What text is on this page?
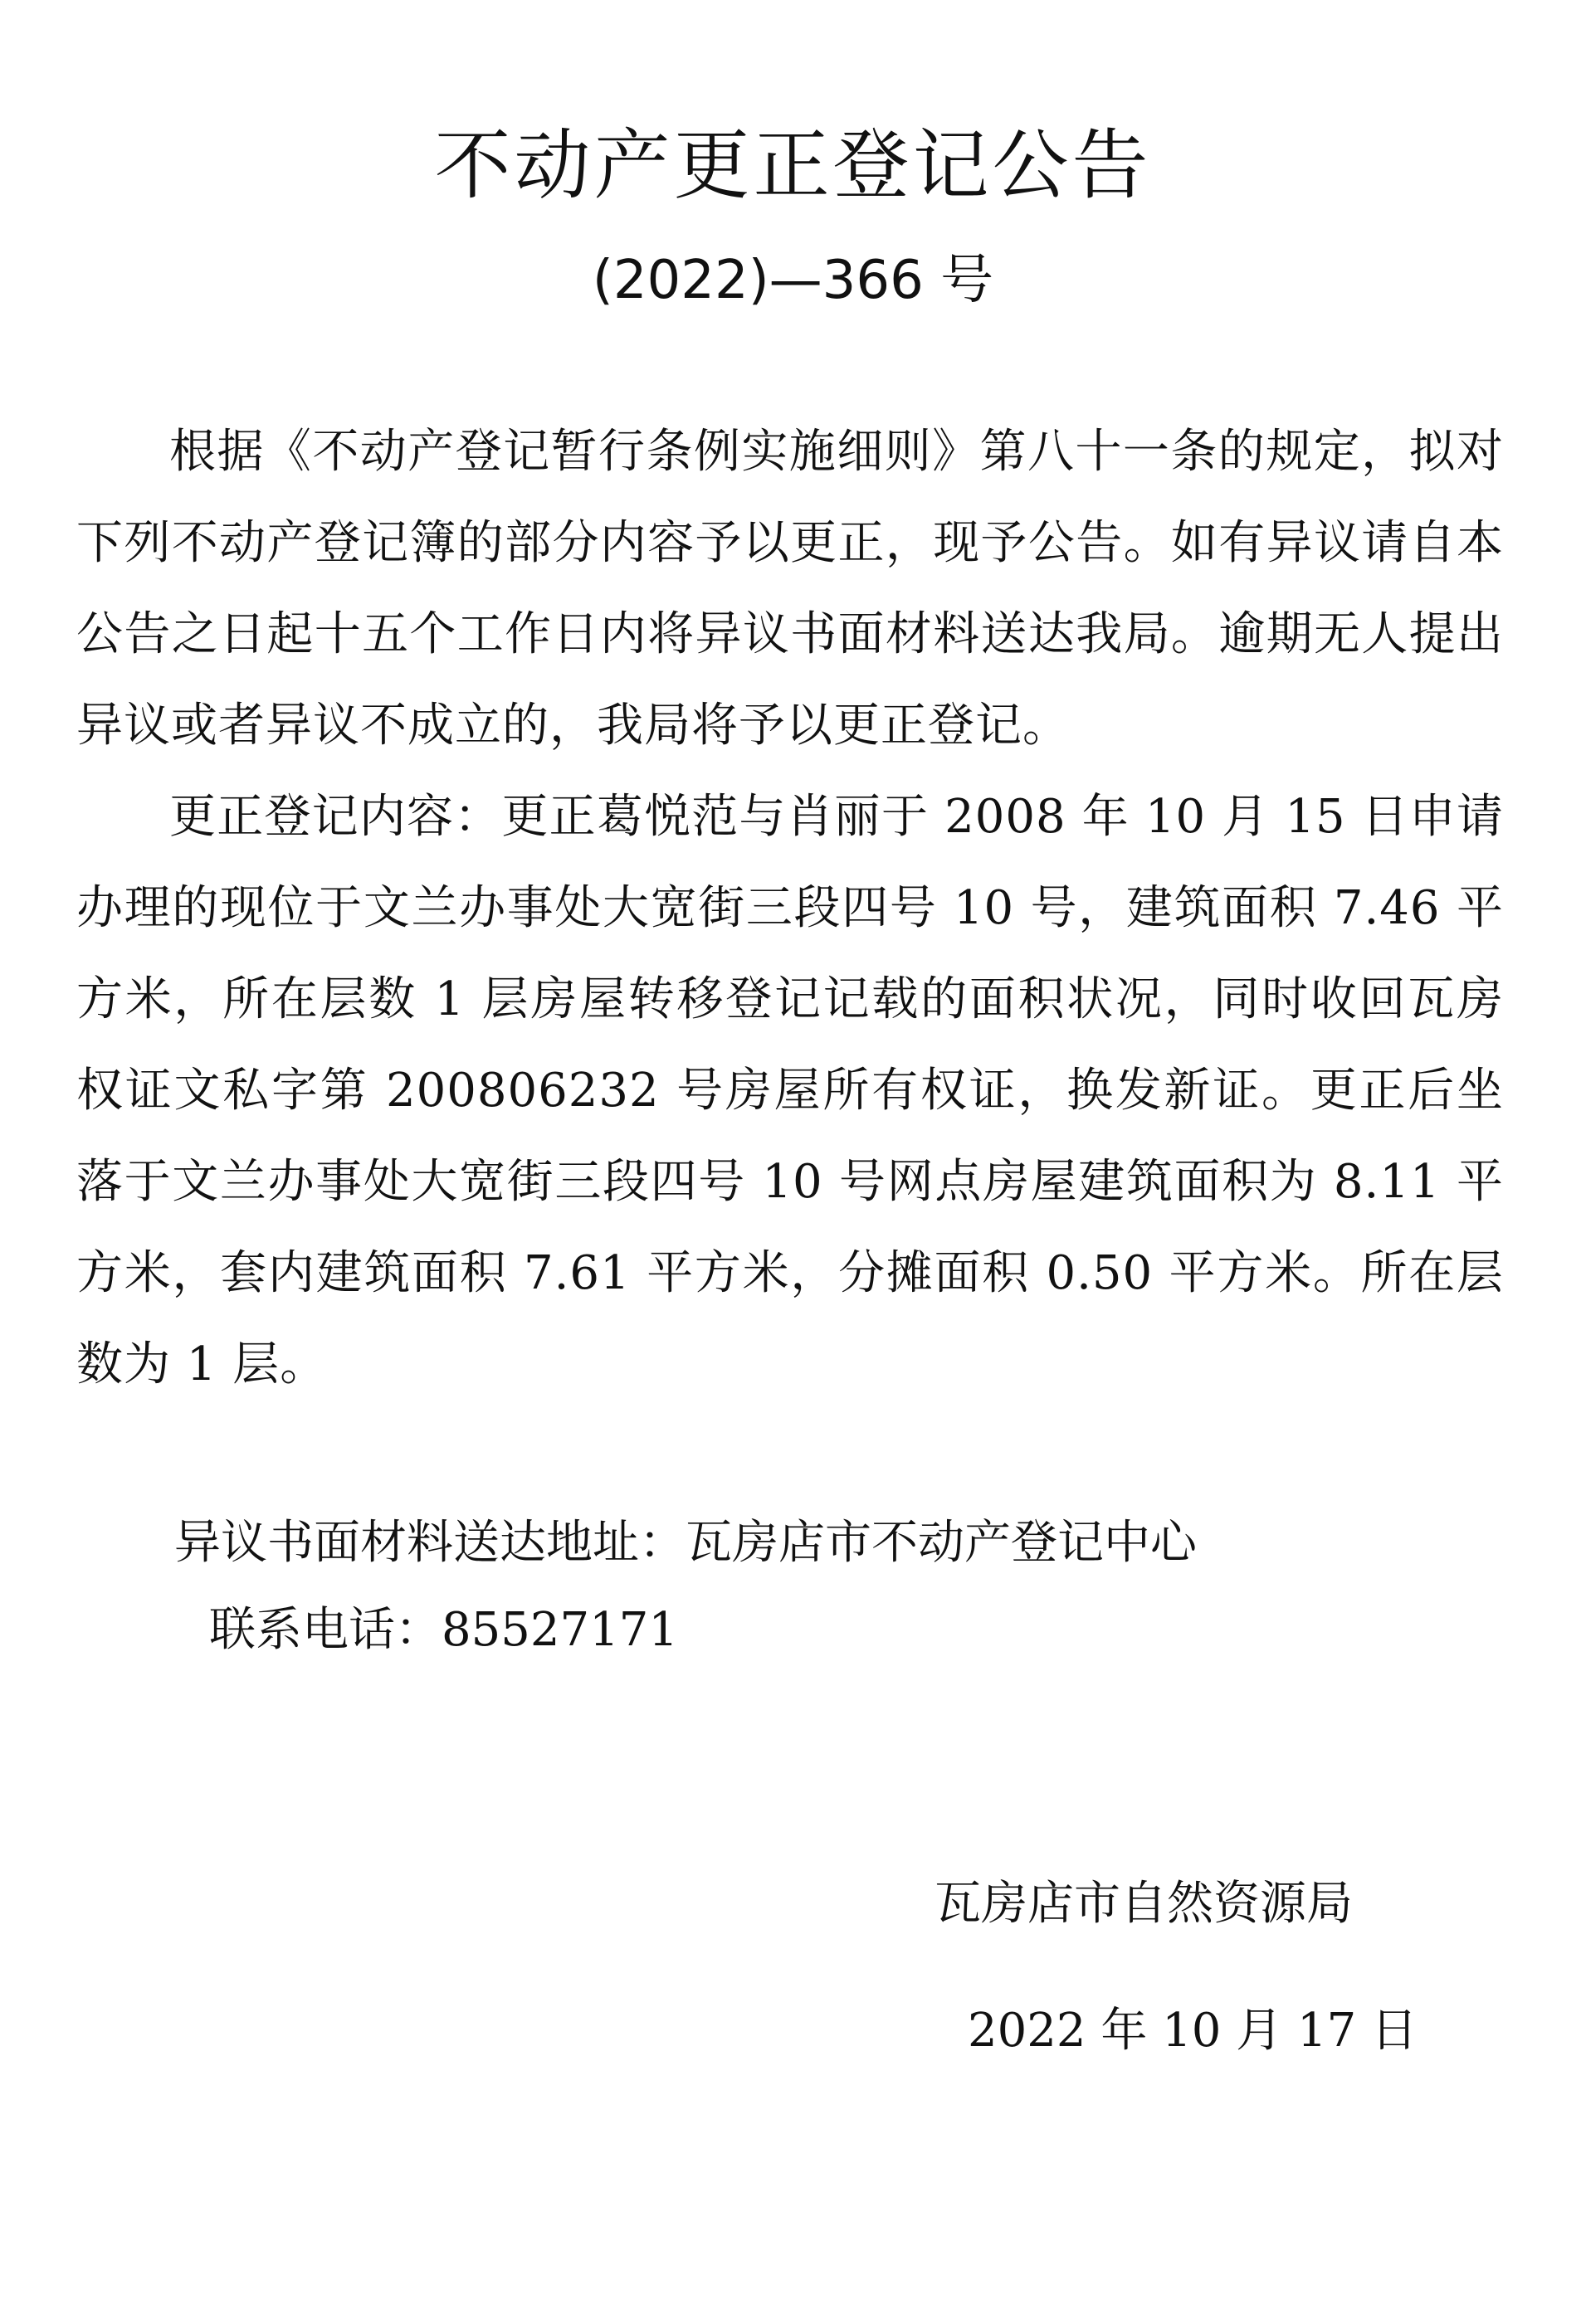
不动产更正登记公告
(2022)—366 号

根据《不动产登记暂行条例实施细则》第八十一条的规定，拟对下列不动产登记簿的部分内容予以更正，现予公告。如有异议请自本公告之日起十五个工作日内将异议书面材料送达我局。逾期无人提出异议或者异议不成立的，我局将予以更正登记。

更正登记内容：更正葛悦范与肖丽于 2008 年 10 月 15 日申请办理的现位于文兰办事处大宽街三段四号 10 号，建筑面积 7.46 平方米，所在层数 1 层房屋转移登记记载的面积状况，同时收回瓦房权证文私字第 200806232 号房屋所有权证，换发新证。更正后坐落于文兰办事处大宽街三段四号 10 号网点房屋建筑面积为 8.11 平方米，套内建筑面积 7.61 平方米，分摊面积 0.50 平方米。所在层数为 1 层。

异议书面材料送达地址：瓦房店市不动产登记中心
联系电话：85527171
瓦房店市自然资源局
2022 年 10 月 17 日
